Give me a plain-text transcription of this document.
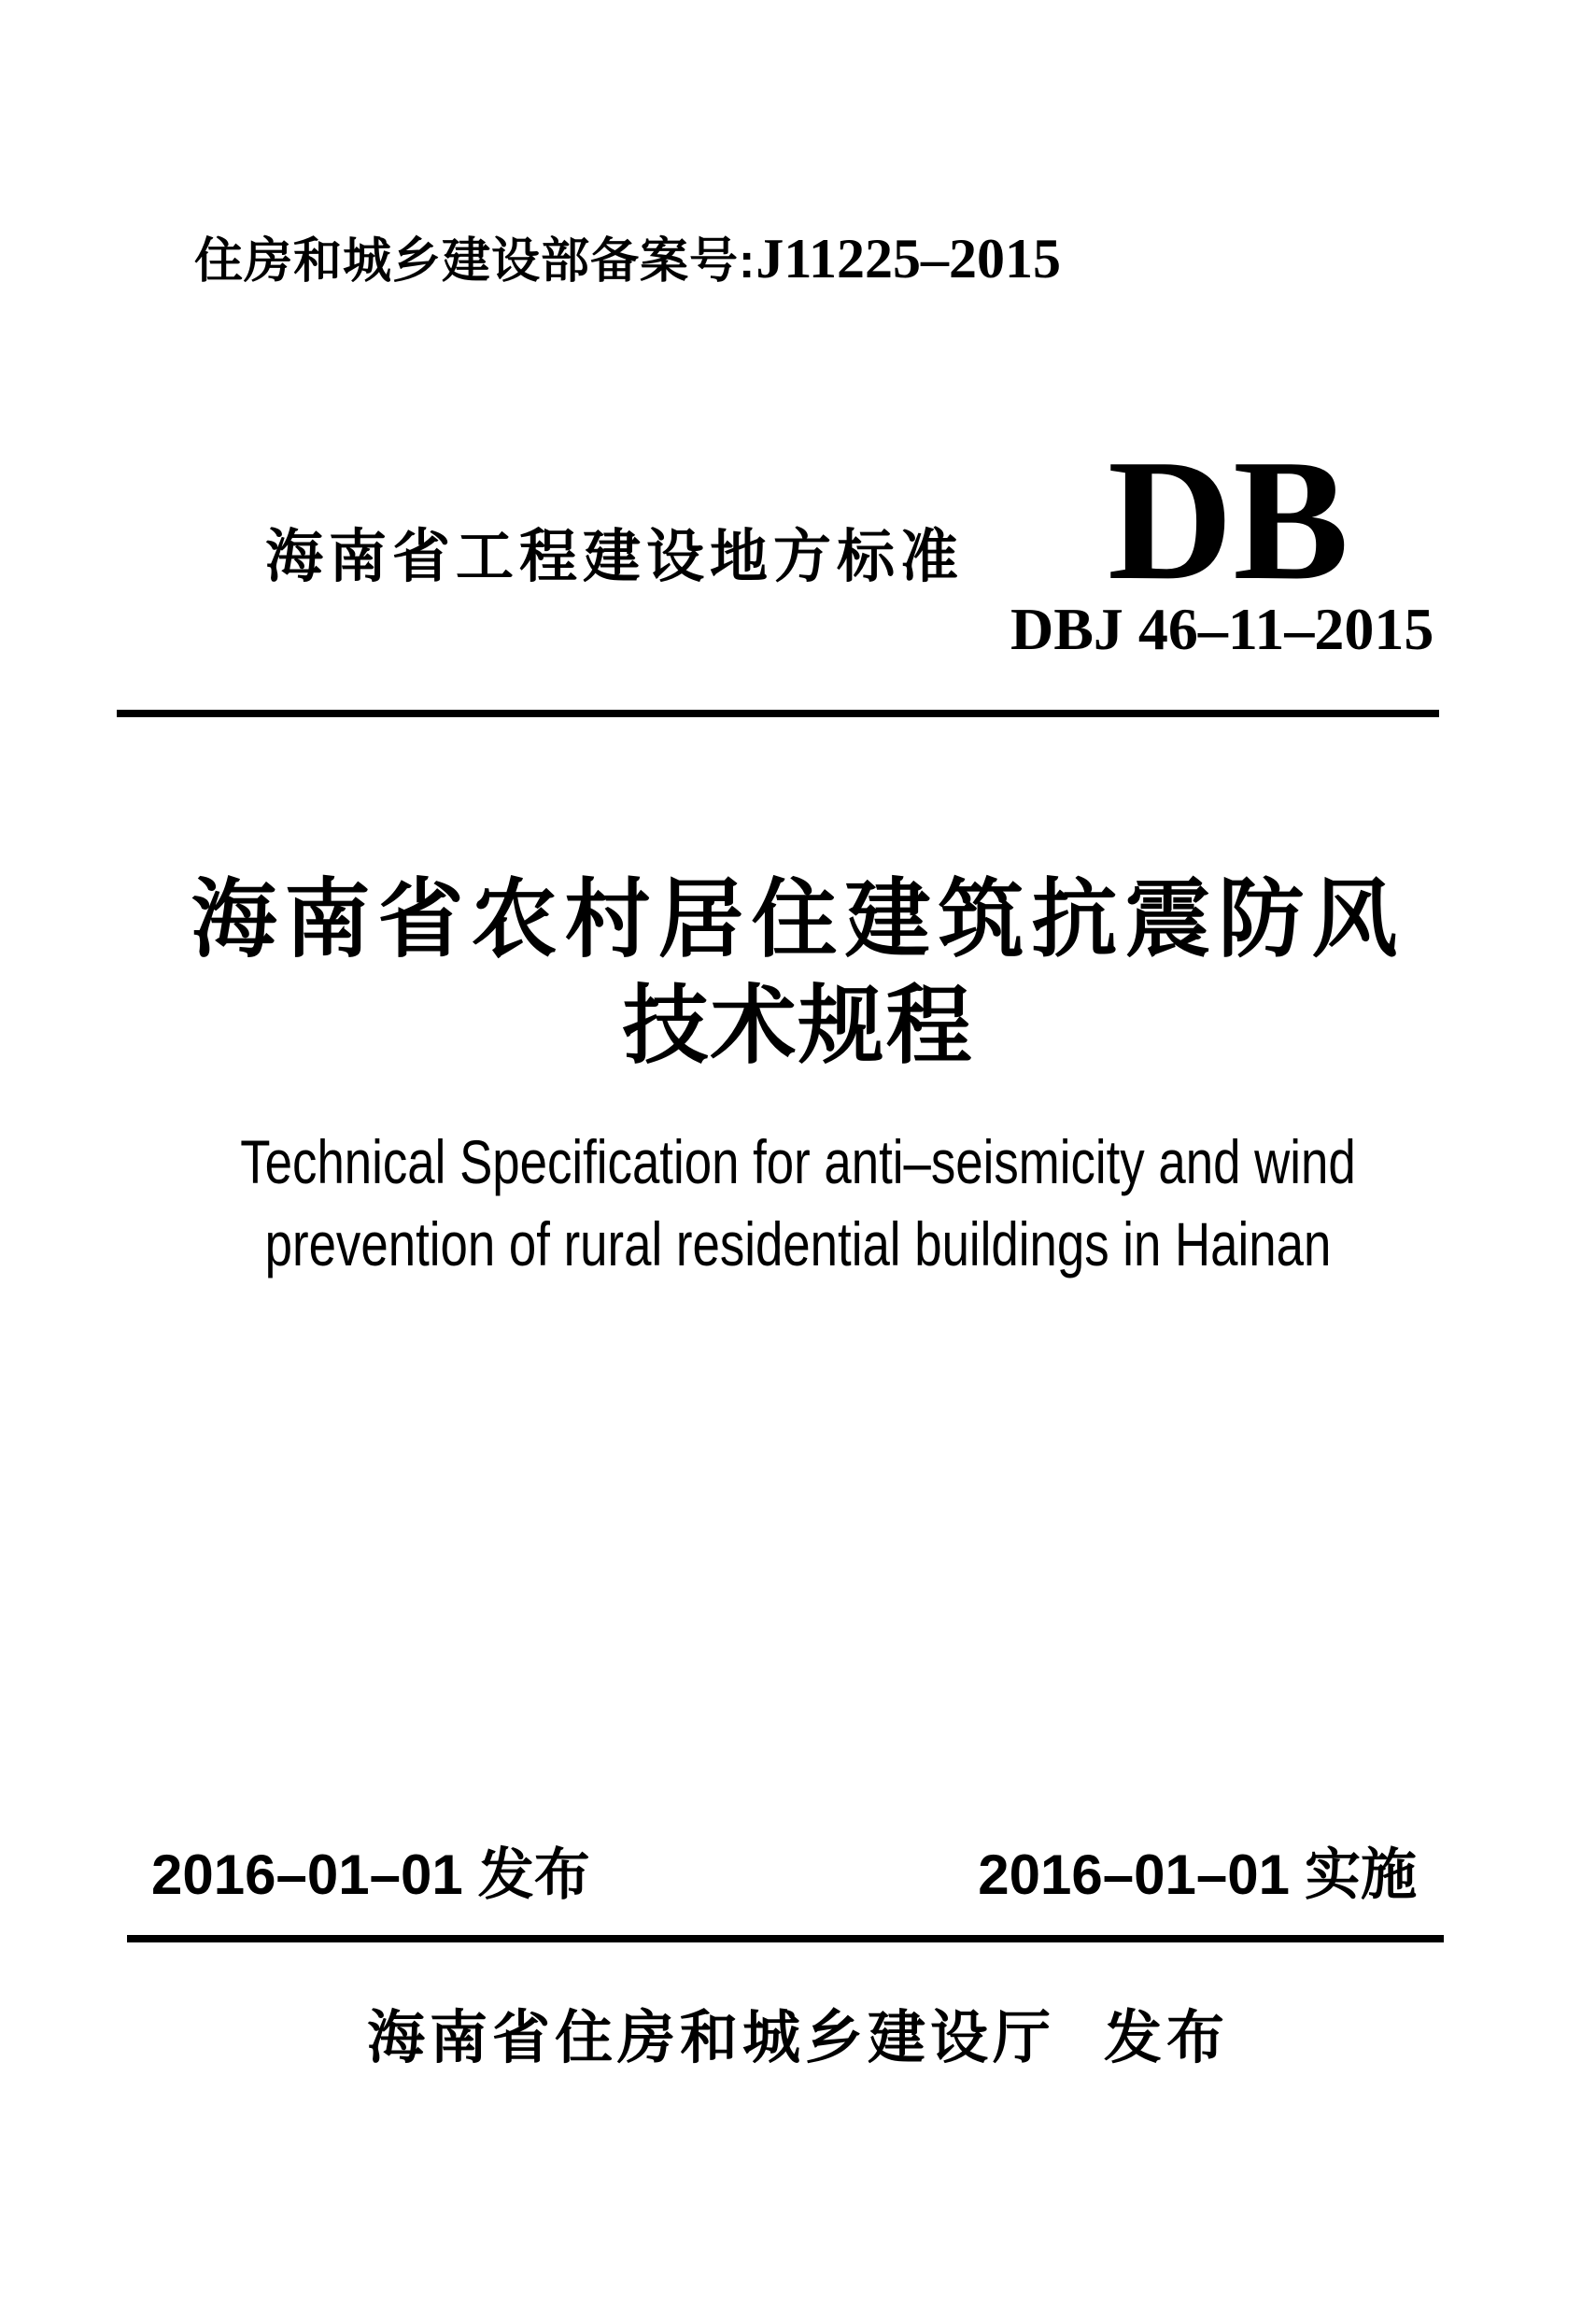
住房和城乡建设部备案号:J11225–2015
海南省工程建设地方标准 DB
DBJ 46–11–2015
海南省农村居住建筑抗震防风
技术规程
Technical Specification for anti–seismicity and wind
prevention of rural residential buildings in Hainan
2016–01–01 发布	2016–01–01 实施
海南省住房和城乡建设厅 发布
